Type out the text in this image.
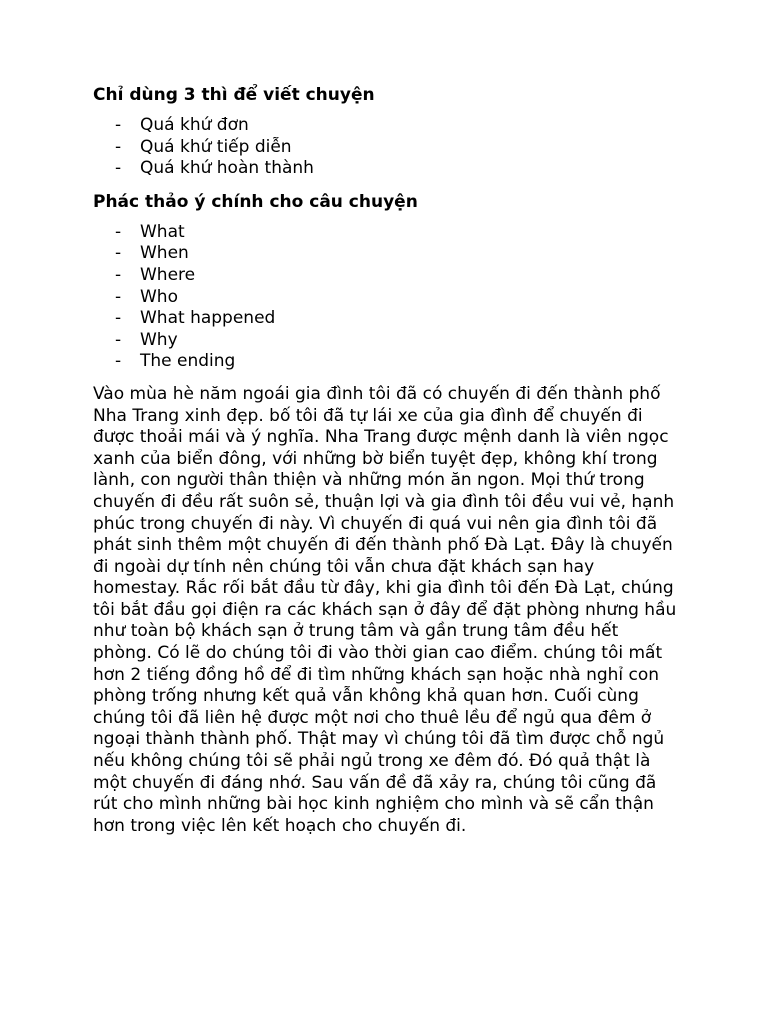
Chỉ dùng 3 thì để viết chuyện
- Quá khứ đơn
- Quá khứ tiếp diễn
- Quá khứ hoàn thành
Phác thảo ý chính cho câu chuyện
- What
- When
- Where
- Who
- What happened
- Why
- The ending

Vào mùa hè năm ngoái gia đình tôi đã có chuyến đi đến thành phố Nha Trang xinh đẹp. bố tôi đã tự lái xe của gia đình để chuyến đi được thoải mái và ý nghĩa. Nha Trang được mệnh danh là viên ngọc xanh của biển đông, với những bờ biển tuyệt đẹp, không khí trong lành, con người thân thiện và những món ăn ngon. Mọi thứ trong chuyến đi đều rất suôn sẻ, thuận lợi và gia đình tôi đều vui vẻ, hạnh phúc trong chuyến đi này. Vì chuyến đi quá vui nên gia đình tôi đã phát sinh thêm một chuyến đi đến thành phố Đà Lạt. Đây là chuyến đi ngoài dự tính nên chúng tôi vẫn chưa đặt khách sạn hay homestay. Rắc rối bắt đầu từ đây, khi gia đình tôi đến Đà Lạt, chúng tôi bắt đầu gọi điện ra các khách sạn ở đây để đặt phòng nhưng hầu như toàn bộ khách sạn ở trung tâm và gần trung tâm đều hết phòng. Có lẽ do chúng tôi đi vào thời gian cao điểm. chúng tôi mất hơn 2 tiếng đồng hồ để đi tìm những khách sạn hoặc nhà nghỉ con phòng trống nhưng kết quả vẫn không khả quan hơn. Cuối cùng chúng tôi đã liên hệ được một nơi cho thuê lều để ngủ qua đêm ở ngoại thành thành phố. Thật may vì chúng tôi đã tìm được chỗ ngủ nếu không chúng tôi sẽ phải ngủ trong xe đêm đó. Đó quả thật là một chuyến đi đáng nhớ. Sau vấn đề đã xảy ra, chúng tôi cũng đã rút cho mình những bài học kinh nghiệm cho mình và sẽ cẩn thận hơn trong việc lên kết hoạch cho chuyến đi.
